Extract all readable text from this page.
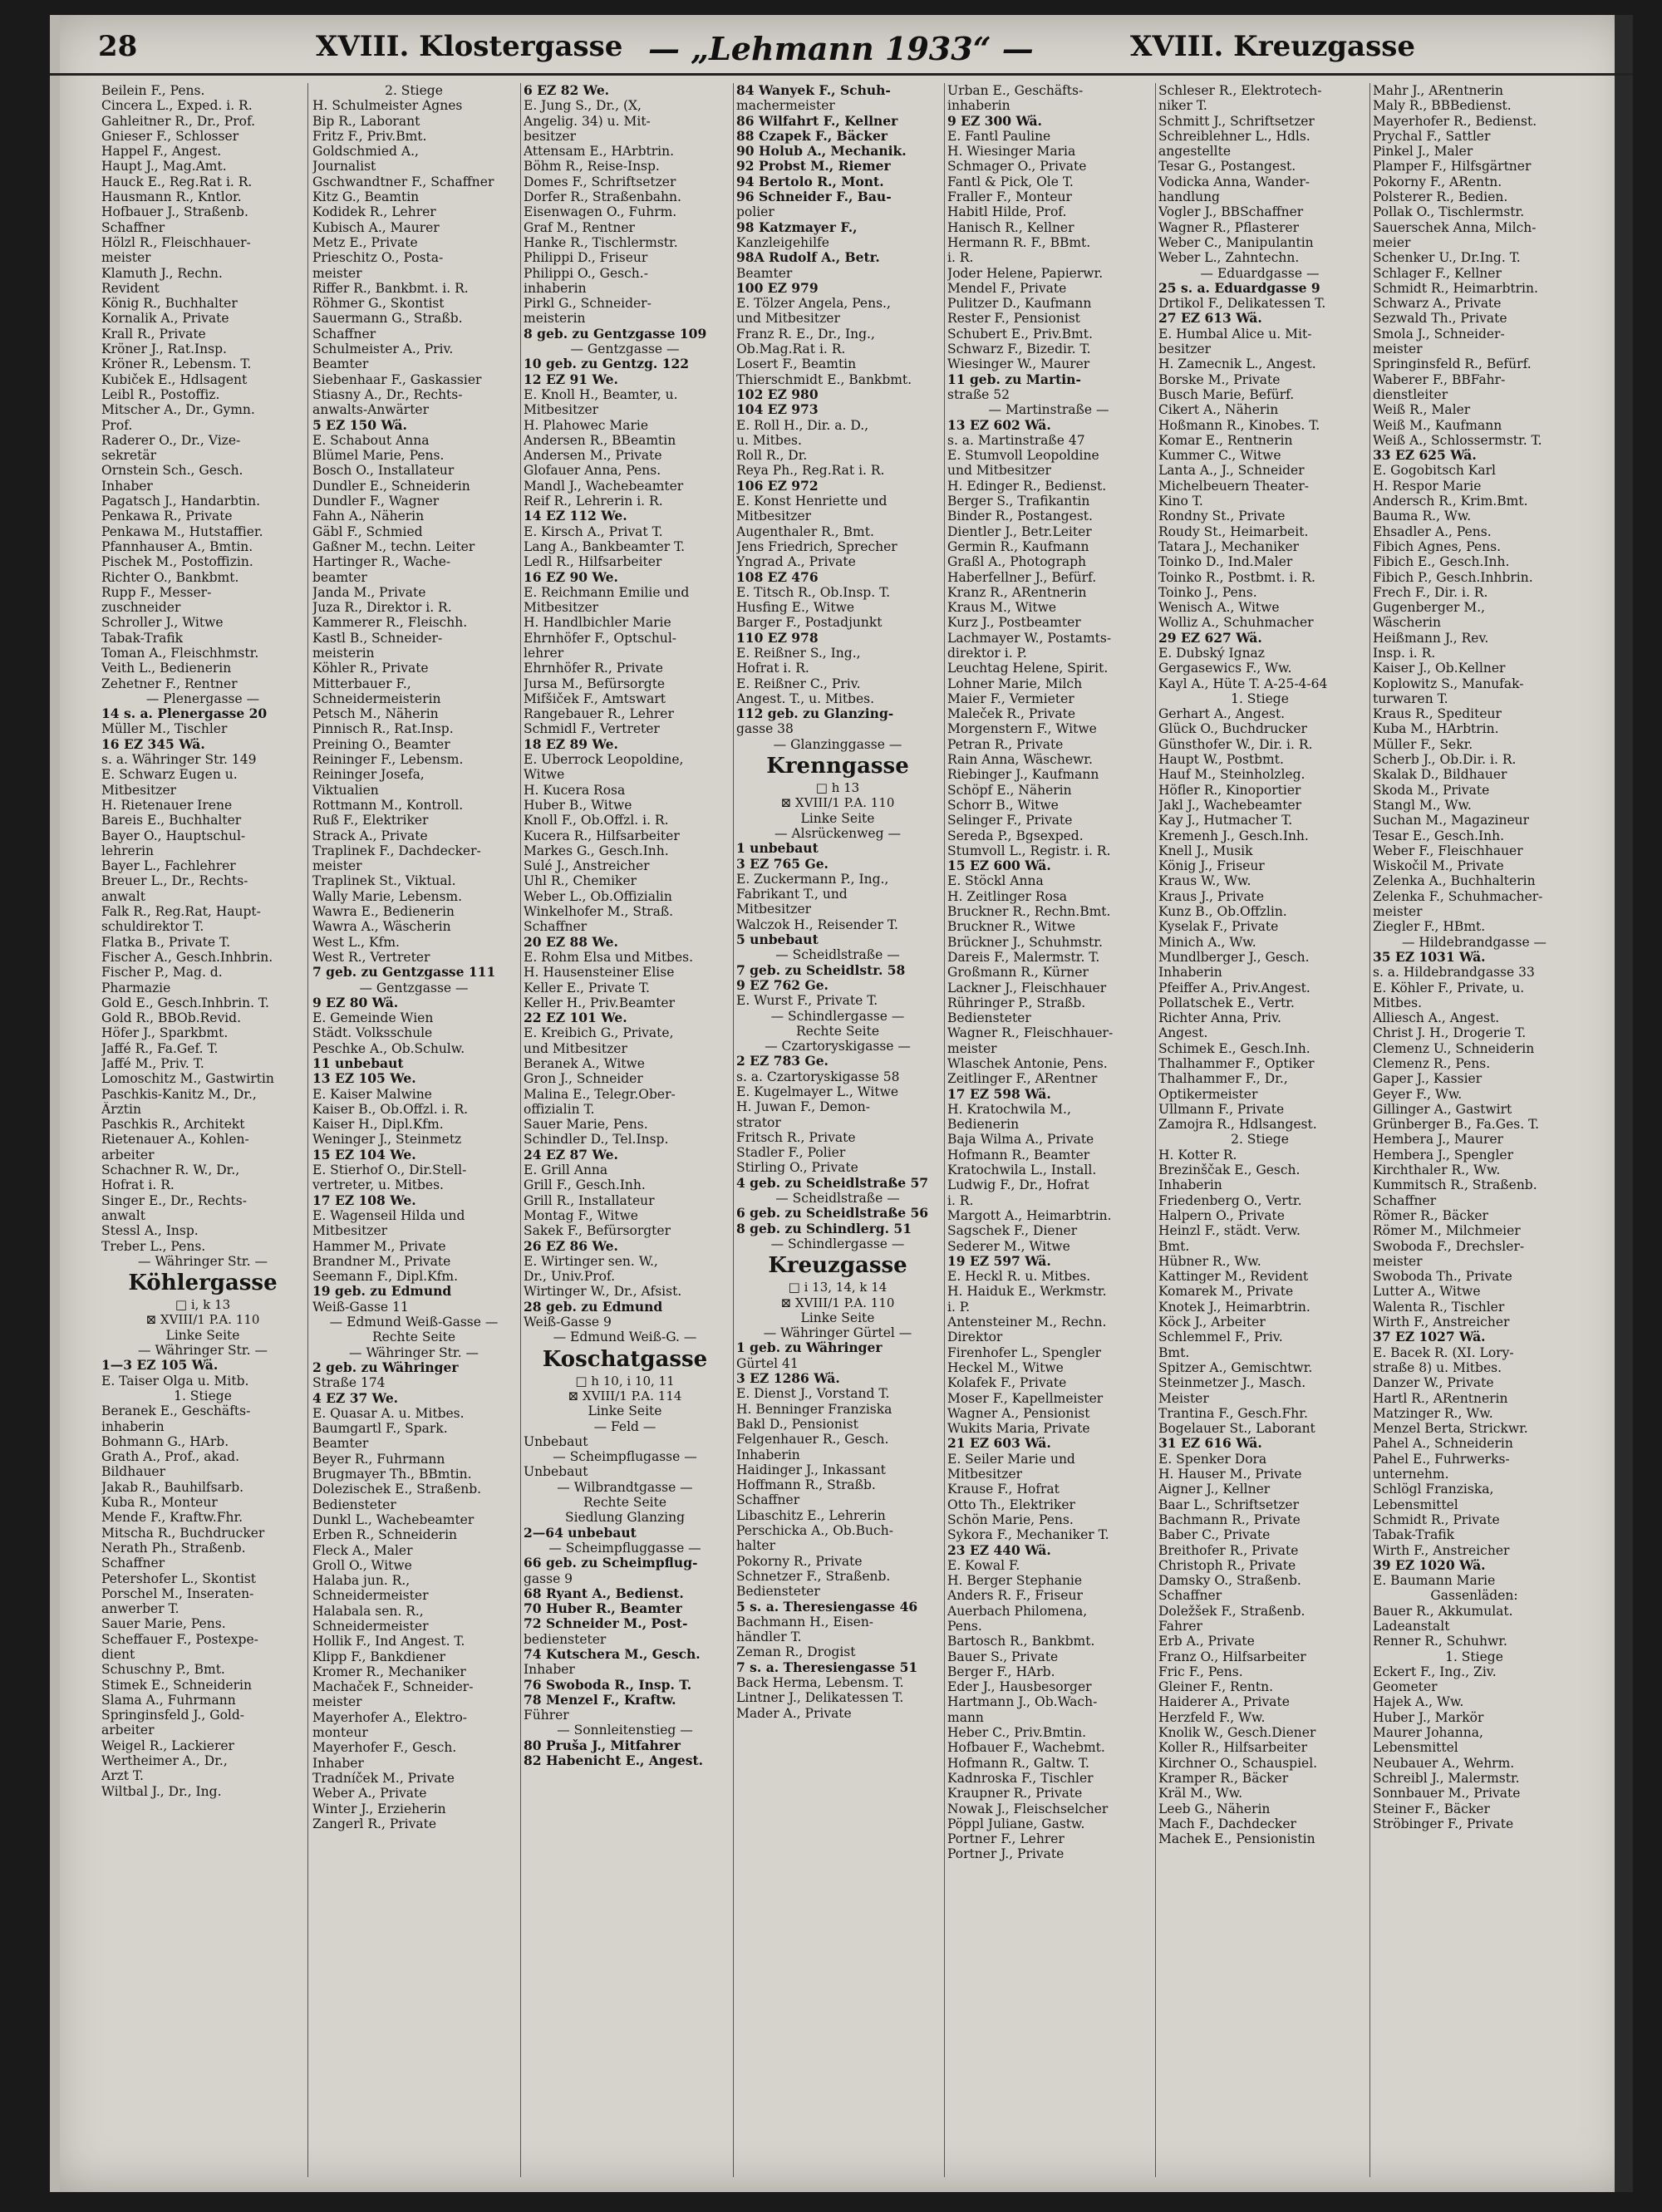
28	XVIII. Klostergasse — „Lehmann 1933“ —	XVIII. Kreuzgasse
Beilein F., Pens.
Cincera L., Exped. i. R.
Gahleitner R., Dr., Prof.
Gnieser F., Schlosser
Happel F., Angest.
Haupt J., Mag.Amt.
Hauck E., Reg.Rat i. R.
Hausmann R., Kntlor.
Hofbauer J., Straßenb.
Schaffner
Hölzl R., Fleischhauer-
meister
Klamuth J., Rechn.
Revident
König R., Buchhalter
Kornalik A., Private
Krall R., Private
Kröner J., Rat.Insp.
Kröner R., Lebensm. T.
Kubiček E., Hdlsagent
Leibl R., Postoffiz.
Mitscher A., Dr., Gymn.
Prof.
Raderer O., Dr., Vize-
sekretär
Ornstein Sch., Gesch.
Inhaber
Pagatsch J., Handarbtin.
Penkawa R., Private
Penkawa M., Hutstaffier.
Pfannhauser A., Bmtin.
Pischek M., Postoffizin.
Richter O., Bankbmt.
Rupp F., Messer-
zuschneider
Schroller J., Witwe
Tabak-Trafik
Toman A., Fleischhmstr.
Veith L., Bedienerin
Zehetner F., Rentner
— Plenergasse —
14 s. a. Plenergasse 20
Müller M., Tischler
16 EZ 345 Wä.
s. a. Währinger Str. 149
E. Schwarz Eugen u.
Mitbesitzer
H. Rietenauer Irene
Bareis E., Buchhalter
Bayer O., Hauptschul-
lehrerin
Bayer L., Fachlehrer
Breuer L., Dr., Rechts-
anwalt
Falk R., Reg.Rat, Haupt-
schuldirektor T.
Flatka B., Private T.
Fischer A., Gesch.Inhbrin.
Fischer P., Mag. d.
Pharmazie
Gold E., Gesch.Inhbrin. T.
Gold R., BBOb.Revid.
Höfer J., Sparkbmt.
Jaffé R., Fa.Gef. T.
Jaffé M., Priv. T.
Lomoschitz M., Gastwirtin
Paschkis-Kanitz M., Dr.,
Ärztin
Paschkis R., Architekt
Rietenauer A., Kohlen-
arbeiter
Schachner R. W., Dr.,
Hofrat i. R.
Singer E., Dr., Rechts-
anwalt
Stessl A., Insp.
Treber L., Pens.
— Währinger Str. —
Köhlergasse
□ i, k 13
⊠ XVIII/1 P.A. 110
Linke Seite
— Währinger Str. —
1—3 EZ 105 Wä.
E. Taiser Olga u. Mitb.
1. Stiege
Beranek E., Geschäfts-
inhaberin
Bohmann G., HArb.
Grath A., Prof., akad.
Bildhauer
Jakab R., Bauhilfsarb.
Kuba R., Monteur
Mende F., Kraftw.Fhr.
Mitscha R., Buchdrucker
Nerath Ph., Straßenb.
Schaffner
Petershofer L., Skontist
Porschel M., Inseraten-
anwerber T.
Sauer Marie, Pens.
Scheffauer F., Postexpe-
dient
Schuschny P., Bmt.
Stimek E., Schneiderin
Slama A., Fuhrmann
Springinsfeld J., Gold-
arbeiter
Weigel R., Lackierer
Wertheimer A., Dr.,
Arzt T.
Wiltbal J., Dr., Ing.
2. Stiege
H. Schulmeister Agnes
Bip R., Laborant
Fritz F., Priv.Bmt.
Goldschmied A.,
Journalist
Gschwandtner F., Schaffner
Kitz G., Beamtin
Kodidek R., Lehrer
Kubisch A., Maurer
Metz E., Private
Prieschitz O., Posta-
meister
Riffer R., Bankbmt. i. R.
Röhmer G., Skontist
Sauermann G., Straßb.
Schaffner
Schulmeister A., Priv.
Beamter
Siebenhaar F., Gaskassier
Stiasny A., Dr., Rechts-
anwalts-Anwärter
5 EZ 150 Wä.
E. Schabout Anna
Blümel Marie, Pens.
Bosch O., Installateur
Dundler E., Schneiderin
Dundler F., Wagner
Fahn A., Näherin
Gäbl F., Schmied
Gaßner M., techn. Leiter
Hartinger R., Wache-
beamter
Janda M., Private
Juza R., Direktor i. R.
Kammerer R., Fleischh.
Kastl B., Schneider-
meisterin
Köhler R., Private
Mitterbauer F.,
Schneidermeisterin
Petsch M., Näherin
Pinnisch R., Rat.Insp.
Preining O., Beamter
Reininger F., Lebensm.
Reininger Josefa,
Viktualien
Rottmann M., Kontroll.
Ruß F., Elektriker
Strack A., Private
Traplinek F., Dachdecker-
meister
Traplinek St., Viktual.
Wally Marie, Lebensm.
Wawra E., Bedienerin
Wawra A., Wäscherin
West L., Kfm.
West R., Vertreter
7 geb. zu Gentzgasse 111
— Gentzgasse —
9 EZ 80 Wä.
E. Gemeinde Wien
Städt. Volksschule
Peschke A., Ob.Schulw.
11 unbebaut
13 EZ 105 We.
E. Kaiser Malwine
Kaiser B., Ob.Offzl. i. R.
Kaiser H., Dipl.Kfm.
Weninger J., Steinmetz
15 EZ 104 We.
E. Stierhof O., Dir.Stell-
vertreter, u. Mitbes.
17 EZ 108 We.
E. Wagenseil Hilda und
Mitbesitzer
Hammer M., Private
Brandner M., Private
Seemann F., Dipl.Kfm.
19 geb. zu Edmund
Weiß-Gasse 11
— Edmund Weiß-Gasse —
Rechte Seite
— Währinger Str. —
2 geb. zu Währinger
Straße 174
4 EZ 37 We.
E. Quasar A. u. Mitbes.
Baumgartl F., Spark.
Beamter
Beyer R., Fuhrmann
Brugmayer Th., BBmtin.
Dolezischek E., Straßenb.
Bediensteter
Dunkl L., Wachebeamter
Erben R., Schneiderin
Fleck A., Maler
Groll O., Witwe
Halaba jun. R.,
Schneidermeister
Halabala sen. R.,
Schneidermeister
Hollik F., Ind Angest. T.
Klipp F., Bankdiener
Kromer R., Mechaniker
Machaček F., Schneider-
meister
Mayerhofer A., Elektro-
monteur
Mayerhofer F., Gesch.
Inhaber
Tradníček M., Private
Weber A., Private
Winter J., Erzieherin
Zangerl R., Private
6 EZ 82 We.
E. Jung S., Dr., (X,
Angelig. 34) u. Mit-
besitzer
Attensam E., HArbtrin.
Böhm R., Reise-Insp.
Domes F., Schriftsetzer
Dorfer R., Straßenbahn.
Eisenwagen O., Fuhrm.
Graf M., Rentner
Hanke R., Tischlermstr.
Philippi D., Friseur
Philippi O., Gesch.-
inhaberin
Pirkl G., Schneider-
meisterin
8 geb. zu Gentzgasse 109
— Gentzgasse —
10 geb. zu Gentzg. 122
12 EZ 91 We.
E. Knoll H., Beamter, u.
Mitbesitzer
H. Plahowec Marie
Andersen R., BBeamtin
Andersen M., Private
Glofauer Anna, Pens.
Mandl J., Wachebeamter
Reif R., Lehrerin i. R.
14 EZ 112 We.
E. Kirsch A., Privat T.
Lang A., Bankbeamter T.
Ledl R., Hilfsarbeiter
16 EZ 90 We.
E. Reichmann Emilie und
Mitbesitzer
H. Handlbichler Marie
Ehrnhöfer F., Optschul-
lehrer
Ehrnhöfer R., Private
Jursa M., Befürsorgte
Mifšiček F., Amtswart
Rangebauer R., Lehrer
Schmidl F., Vertreter
18 EZ 89 We.
E. Uberrock Leopoldine,
Witwe
H. Kucera Rosa
Huber B., Witwe
Knoll F., Ob.Offzl. i. R.
Kucera R., Hilfsarbeiter
Markes G., Gesch.Inh.
Sulé J., Anstreicher
Uhl R., Chemiker
Weber L., Ob.Offizialin
Winkelhofer M., Straß.
Schaffner
20 EZ 88 We.
E. Rohm Elsa und Mitbes.
H. Hausensteiner Elise
Keller E., Private T.
Keller H., Priv.Beamter
22 EZ 101 We.
E. Kreibich G., Private,
und Mitbesitzer
Beranek A., Witwe
Gron J., Schneider
Malina E., Telegr.Ober-
offizialin T.
Sauer Marie, Pens.
Schindler D., Tel.Insp.
24 EZ 87 We.
E. Grill Anna
Grill F., Gesch.Inh.
Grill R., Installateur
Montag F., Witwe
Sakek F., Befürsorgter
26 EZ 86 We.
E. Wirtinger sen. W.,
Dr., Univ.Prof.
Wirtinger W., Dr., Afsist.
28 geb. zu Edmund
Weiß-Gasse 9
— Edmund Weiß-G. —
Koschatgasse
□ h 10, i 10, 11
⊠ XVIII/1 P.A. 114
Linke Seite
— Feld —
Unbebaut
— Scheimpflugasse —
Unbebaut
— Wilbrandtgasse —
Rechte Seite
Siedlung Glanzing
2—64 unbebaut
— Scheimpfluggasse —
66 geb. zu Scheimpflug-
gasse 9
68 Ryant A., Bedienst.
70 Huber R., Beamter
72 Schneider M., Post-
bediensteter
74 Kutschera M., Gesch.
Inhaber
76 Swoboda R., Insp. T.
78 Menzel F., Kraftw.
Führer
— Sonnleitenstieg —
80 Pruša J., Mitfahrer
82 Habenicht E., Angest.
84 Wanyek F., Schuh-
machermeister
86 Wilfahrt F., Kellner
88 Czapek F., Bäcker
90 Holub A., Mechanik.
92 Probst M., Riemer
94 Bertolo R., Mont.
96 Schneider F., Bau-
polier
98 Katzmayer F.,
Kanzleigehilfe
98A Rudolf A., Betr.
Beamter
100 EZ 979
E. Tölzer Angela, Pens.,
und Mitbesitzer
Franz R. E., Dr., Ing.,
Ob.Mag.Rat i. R.
Losert F., Beamtin
Thierschmidt E., Bankbmt.
102 EZ 980
104 EZ 973
E. Roll H., Dir. a. D.,
u. Mitbes.
Roll R., Dr.
Reya Ph., Reg.Rat i. R.
106 EZ 972
E. Konst Henriette und
Mitbesitzer
Augenthaler R., Bmt.
Jens Friedrich, Sprecher
Yngrad A., Private
108 EZ 476
E. Titsch R., Ob.Insp. T.
Husfing E., Witwe
Barger F., Postadjunkt
110 EZ 978
E. Reißner S., Ing.,
Hofrat i. R.
E. Reißner C., Priv.
Angest. T., u. Mitbes.
112 geb. zu Glanzing-
gasse 38
— Glanzinggasse —
Krenngasse
□ h 13
⊠ XVIII/1 P.A. 110
Linke Seite
— Alsrückenweg —
1 unbebaut
3 EZ 765 Ge.
E. Zuckermann P., Ing.,
Fabrikant T., und
Mitbesitzer
Walczok H., Reisender T.
5 unbebaut
— Scheidlstraße —
7 geb. zu Scheidlstr. 58
9 EZ 762 Ge.
E. Wurst F., Private T.
— Schindlergasse —
Rechte Seite
— Czartoryskigasse —
2 EZ 783 Ge.
s. a. Czartoryskigasse 58
E. Kugelmayer L., Witwe
H. Juwan F., Demon-
strator
Fritsch R., Private
Stadler F., Polier
Stirling O., Private
4 geb. zu Scheidlstraße 57
— Scheidlstraße —
6 geb. zu Scheidlstraße 56
8 geb. zu Schindlerg. 51
— Schindlergasse —
Kreuzgasse
□ i 13, 14, k 14
⊠ XVIII/1 P.A. 110
Linke Seite
— Währinger Gürtel —
1 geb. zu Währinger
Gürtel 41
3 EZ 1286 Wä.
E. Dienst J., Vorstand T.
H. Benninger Franziska
Bakl D., Pensionist
Felgenhauer R., Gesch.
Inhaberin
Haidinger J., Inkassant
Hoffmann R., Straßb.
Schaffner
Libaschitz E., Lehrerin
Perschicka A., Ob.Buch-
halter
Pokorny R., Private
Schnetzer F., Straßenb.
Bediensteter
5 s. a. Theresiengasse 46
Bachmann H., Eisen-
händler T.
Zeman R., Drogist
7 s. a. Theresiengasse 51
Back Herma, Lebensm. T.
Lintner J., Delikatessen T.
Mader A., Private
Urban E., Geschäfts-
inhaberin
9 EZ 300 Wä.
E. Fantl Pauline
H. Wiesinger Maria
Schmager O., Private
Fantl & Pick, Ole T.
Fraller F., Monteur
Habitl Hilde, Prof.
Hanisch R., Kellner
Hermann R. F., BBmt.
i. R.
Joder Helene, Papierwr.
Mendel F., Private
Pulitzer D., Kaufmann
Rester F., Pensionist
Schubert E., Priv.Bmt.
Schwarz F., Bizedir. T.
Wiesinger W., Maurer
11 geb. zu Martin-
straße 52
— Martinstraße —
13 EZ 602 Wä.
s. a. Martinstraße 47
E. Stumvoll Leopoldine
und Mitbesitzer
H. Edinger R., Bedienst.
Berger S., Trafikantin
Binder R., Postangest.
Dientler J., Betr.Leiter
Germin R., Kaufmann
Graßl A., Photograph
Haberfellner J., Befürf.
Kranz R., ARentnerin
Kraus M., Witwe
Kurz J., Postbeamter
Lachmayer W., Postamts-
direktor i. P.
Leuchtag Helene, Spirit.
Lohner Marie, Milch
Maier F., Vermieter
Maleček R., Private
Morgenstern F., Witwe
Petran R., Private
Rain Anna, Wäschewr.
Riebinger J., Kaufmann
Schöpf E., Näherin
Schorr B., Witwe
Selinger F., Private
Sereda P., Bgsexped.
Stumvoll L., Registr. i. R.
15 EZ 600 Wä.
E. Stöckl Anna
H. Zeitlinger Rosa
Bruckner R., Rechn.Bmt.
Bruckner R., Witwe
Brückner J., Schuhmstr.
Dareis F., Malermstr. T.
Großmann R., Kürner
Lackner J., Fleischhauer
Rühringer P., Straßb.
Bediensteter
Wagner R., Fleischhauer-
meister
Wlaschek Antonie, Pens.
Zeitlinger F., ARentner
17 EZ 598 Wä.
H. Kratochwila M.,
Bedienerin
Baja Wilma A., Private
Hofmann R., Beamter
Kratochwila L., Install.
Ludwig F., Dr., Hofrat
i. R.
Margott A., Heimarbtrin.
Sagschek F., Diener
Sederer M., Witwe
19 EZ 597 Wä.
E. Heckl R. u. Mitbes.
H. Haiduk E., Werkmstr.
i. P.
Antensteiner M., Rechn.
Direktor
Firenhofer L., Spengler
Heckel M., Witwe
Kolafek F., Private
Moser F., Kapellmeister
Wagner A., Pensionist
Wukits Maria, Private
21 EZ 603 Wä.
E. Seiler Marie und
Mitbesitzer
Krause F., Hofrat
Otto Th., Elektriker
Schön Marie, Pens.
Sykora F., Mechaniker T.
23 EZ 440 Wä.
E. Kowal F.
H. Berger Stephanie
Anders R. F., Friseur
Auerbach Philomena,
Pens.
Bartosch R., Bankbmt.
Bauer S., Private
Berger F., HArb.
Eder J., Hausbesorger
Hartmann J., Ob.Wach-
mann
Heber C., Priv.Bmtin.
Hofbauer F., Wachebmt.
Hofmann R., Galtw. T.
Kadnroska F., Tischler
Kraupner R., Private
Nowak J., Fleischselcher
Pöppl Juliane, Gastw.
Portner F., Lehrer
Portner J., Private
Schleser R., Elektrotech-
niker T.
Schmitt J., Schriftsetzer
Schreiblehner L., Hdls.
angestellte
Tesar G., Postangest.
Vodicka Anna, Wander-
handlung
Vogler J., BBSchaffner
Wagner R., Pflasterer
Weber C., Manipulantin
Weber L., Zahntechn.
— Eduardgasse —
25 s. a. Eduardgasse 9
Drtikol F., Delikatessen T.
27 EZ 613 Wä.
E. Humbal Alice u. Mit-
besitzer
H. Zamecnik L., Angest.
Borske M., Private
Busch Marie, Befürf.
Cikert A., Näherin
Hoßmann R., Kinobes. T.
Komar E., Rentnerin
Kummer C., Witwe
Lanta A., J., Schneider
Michelbeuern Theater-
Kino T.
Rondny St., Private
Roudy St., Heimarbeit.
Tatara J., Mechaniker
Toinko D., Ind.Maler
Toinko R., Postbmt. i. R.
Toinko J., Pens.
Wenisch A., Witwe
Wolliz A., Schuhmacher
29 EZ 627 Wä.
E. Dubský Ignaz
Gergasewics F., Ww.
Kayl A., Hüte T. A-25-4-64
1. Stiege
Gerhart A., Angest.
Glück O., Buchdrucker
Günsthofer W., Dir. i. R.
Haupt W., Postbmt.
Hauf M., Steinholzleg.
Höfler R., Kinoportier
Jakl J., Wachebeamter
Kay J., Hutmacher T.
Kremenh J., Gesch.Inh.
Knell J., Musik
König J., Friseur
Kraus W., Ww.
Kraus J., Private
Kunz B., Ob.Offzlin.
Kyselak F., Private
Minich A., Ww.
Mundlberger J., Gesch.
Inhaberin
Pfeiffer A., Priv.Angest.
Pollatschek E., Vertr.
Richter Anna, Priv.
Angest.
Schimek E., Gesch.Inh.
Thalhammer F., Optiker
Thalhammer F., Dr.,
Optikermeister
Ullmann F., Private
Zamojra R., Hdlsangest.
2. Stiege
H. Kotter R.
Brezinščak E., Gesch.
Inhaberin
Friedenberg O., Vertr.
Halpern O., Private
Heinzl F., städt. Verw.
Bmt.
Hübner R., Ww.
Kattinger M., Revident
Komarek M., Private
Knotek J., Heimarbtrin.
Köck J., Arbeiter
Schlemmel F., Priv.
Bmt.
Spitzer A., Gemischtwr.
Steinmetzer J., Masch.
Meister
Trantina F., Gesch.Fhr.
Bogelauer St., Laborant
31 EZ 616 Wä.
E. Spenker Dora
H. Hauser M., Private
Aigner J., Kellner
Baar L., Schriftsetzer
Bachmann R., Private
Baber C., Private
Breithofer R., Private
Christoph R., Private
Damsky O., Straßenb.
Schaffner
Doležšek F., Straßenb.
Fahrer
Erb A., Private
Franz O., Hilfsarbeiter
Fric F., Pens.
Gleiner F., Rentn.
Haiderer A., Private
Herzfeld F., Ww.
Knolik W., Gesch.Diener
Koller R., Hilfsarbeiter
Kirchner O., Schauspiel.
Kramper R., Bäcker
Kräl M., Ww.
Leeb G., Näherin
Mach F., Dachdecker
Machek E., Pensionistin
Mahr J., ARentnerin
Maly R., BBBedienst.
Mayerhofer R., Bedienst.
Prychal F., Sattler
Pinkel J., Maler
Plamper F., Hilfsgärtner
Pokorny F., ARentn.
Polsterer R., Bedien.
Pollak O., Tischlermstr.
Sauerschek Anna, Milch-
meier
Schenker U., Dr.Ing. T.
Schlager F., Kellner
Schmidt R., Heimarbtrin.
Schwarz A., Private
Sezwald Th., Private
Smola J., Schneider-
meister
Springinsfeld R., Befürf.
Waberer F., BBFahr-
dienstleiter
Weiß R., Maler
Weiß M., Kaufmann
Weiß A., Schlossermstr. T.
33 EZ 625 Wä.
E. Gogobitsch Karl
H. Respor Marie
Andersch R., Krim.Bmt.
Bauma R., Ww.
Ehsadler A., Pens.
Fibich Agnes, Pens.
Fibich E., Gesch.Inh.
Fibich P., Gesch.Inhbrin.
Frech F., Dir. i. R.
Gugenberger M.,
Wäscherin
Heißmann J., Rev.
Insp. i. R.
Kaiser J., Ob.Kellner
Koplowitz S., Manufak-
turwaren T.
Kraus R., Spediteur
Kuba M., HArbtrin.
Müller F., Sekr.
Scherb J., Ob.Dir. i. R.
Skalak D., Bildhauer
Skoda M., Private
Stangl M., Ww.
Suchan M., Magazineur
Tesar E., Gesch.Inh.
Weber F., Fleischhauer
Wiskočil M., Private
Zelenka A., Buchhalterin
Zelenka F., Schuhmacher-
meister
Ziegler F., HBmt.
— Hildebrandgasse —
35 EZ 1031 Wä.
s. a. Hildebrandgasse 33
E. Köhler F., Private, u.
Mitbes.
Alliesch A., Angest.
Christ J. H., Drogerie T.
Clemenz U., Schneiderin
Clemenz R., Pens.
Gaper J., Kassier
Geyer F., Ww.
Gillinger A., Gastwirt
Grünberger B., Fa.Ges. T.
Hembera J., Maurer
Hembera J., Spengler
Kirchthaler R., Ww.
Kummitsch R., Straßenb.
Schaffner
Römer R., Bäcker
Römer M., Milchmeier
Swoboda F., Drechsler-
meister
Swoboda Th., Private
Lutter A., Witwe
Walenta R., Tischler
Wirth F., Anstreicher
37 EZ 1027 Wä.
E. Bacek R. (XI. Lory-
straße 8) u. Mitbes.
Danzer W., Private
Hartl R., ARentnerin
Matzinger R., Ww.
Menzel Berta, Strickwr.
Pahel A., Schneiderin
Pahel E., Fuhrwerks-
unternehm.
Schlögl Franziska,
Lebensmittel
Schmidt R., Private
Tabak-Trafik
Wirth F., Anstreicher
39 EZ 1020 Wä.
E. Baumann Marie
Gassenläden:
Bauer R., Akkumulat.
Ladeanstalt
Renner R., Schuhwr.
1. Stiege
Eckert F., Ing., Ziv.
Geometer
Hajek A., Ww.
Huber J., Markör
Maurer Johanna,
Lebensmittel
Neubauer A., Wehrm.
Schreibl J., Malermstr.
Sonnbauer M., Private
Steiner F., Bäcker
Ströbinger F., Private
